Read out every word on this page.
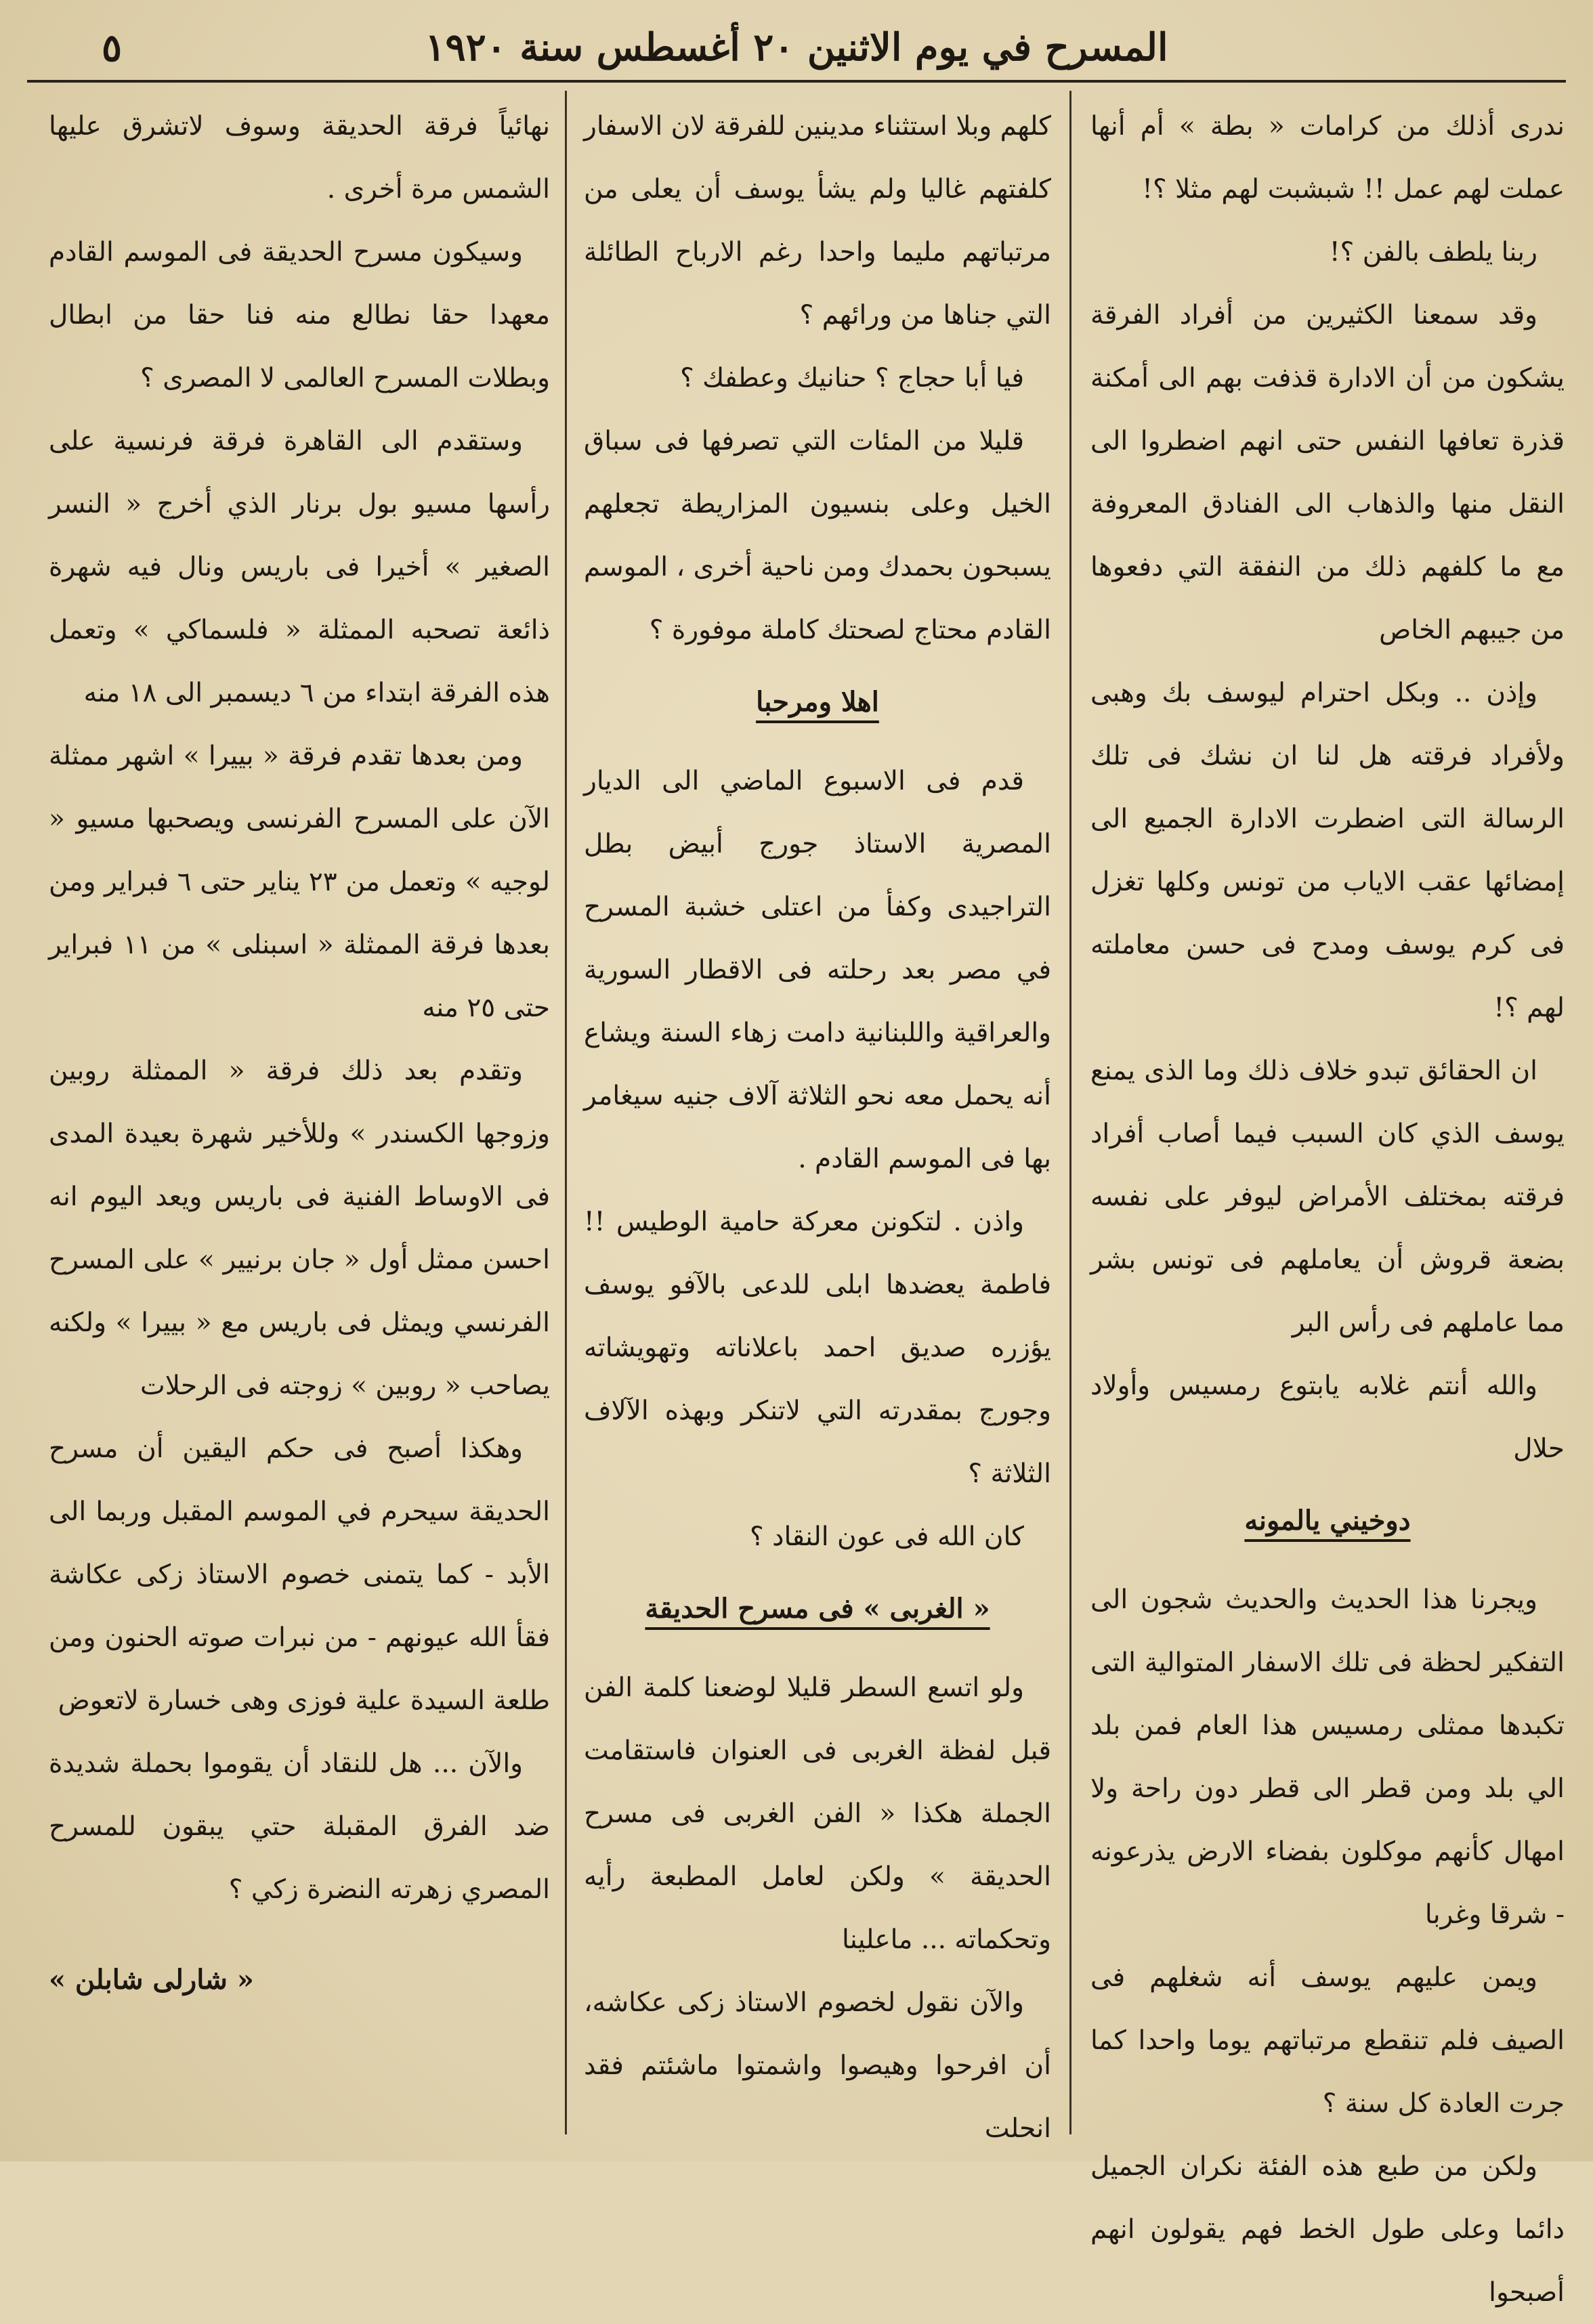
المسرح في يوم الاثنين ٢٠ أغسطس سنة ١٩٢٠
٥

ندرى أذلك من كرامات « بطة » أم أنها عملت لهم عمل !! شبشبت لهم مثلا ؟!

ربنا يلطف بالفن ؟!

وقد سمعنا الكثيرين من أفراد الفرقة يشكون من أن الادارة قذفت بهم الى أمكنة قذرة تعافها النفس حتى انهم اضطروا الى النقل منها والذهاب الى الفنادق المعروفة مع ما كلفهم ذلك من النفقة التي دفعوها من جيبهم الخاص

وإذن .. وبكل احترام ليوسف بك وهبى ولأفراد فرقته هل لنا ان نشك فى تلك الرسالة التى اضطرت الادارة الجميع الى إمضائها عقب الاياب من تونس وكلها تغزل فى كرم يوسف ومدح فى حسن معاملته لهم ؟!

ان الحقائق تبدو خلاف ذلك وما الذى يمنع يوسف الذي كان السبب فيما أصاب أفراد فرقته بمختلف الأمراض ليوفر على نفسه بضعة قروش أن يعاملهم فى تونس بشر مما عاملهم فى رأس البر

والله أنتم غلابه يابتوع رمسيس وأولاد حلال

دوخيني يالمونه

ويجرنا هذا الحديث والحديث شجون الى التفكير لحظة فى تلك الاسفار المتوالية التى تكبدها ممثلى رمسيس هذا العام فمن بلد الي بلد ومن قطر الى قطر دون راحة ولا امهال كأنهم موكلون بفضاء الارض يذرعونه - شرقا وغربا

ويمن عليهم يوسف أنه شغلهم فى الصيف فلم تنقطع مرتباتهم يوما واحدا كما جرت العادة كل سنة ؟

ولكن من طبع هذه الفئة نكران الجميل دائما وعلى طول الخط فهم يقولون انهم أصبحوا

كلهم وبلا استثناء مدينين للفرقة لان الاسفار كلفتهم غاليا ولم يشأ يوسف أن يعلى من مرتباتهم مليما واحدا رغم الارباح الطائلة التي جناها من ورائهم ؟

فيا أبا حجاج ؟ حنانيك وعطفك ؟

قليلا من المئات التي تصرفها فى سباق الخيل وعلى بنسيون المزاريطة تجعلهم يسبحون بحمدك ومن ناحية أخرى ، الموسم القادم محتاج لصحتك كاملة موفورة ؟

اهلا ومرحبا

قدم فى الاسبوع الماضي الى الديار المصرية الاستاذ جورج أبيض بطل التراجيدى وكفأ من اعتلى خشبة المسرح في مصر بعد رحلته فى الاقطار السورية والعراقية واللبنانية دامت زهاء السنة ويشاع أنه يحمل معه نحو الثلاثة آلاف جنيه سيغامر بها فى الموسم القادم .

واذن . لتكونن معركة حامية الوطيس !! فاطمة يعضدها ابلى للدعى بالآفو يوسف يؤزره صديق احمد باعلاناته وتهويشاته وجورج بمقدرته التي لاتنكر وبهذه الآلاف الثلاثة ؟

كان الله فى عون النقاد ؟

« الغربى » فى مسرح الحديقة

ولو اتسع السطر قليلا لوضعنا كلمة الفن قبل لفظة الغربى فى العنوان فاستقامت الجملة هكذا « الفن الغربى فى مسرح الحديقة » ولكن لعامل المطبعة رأيه وتحكماته ... ماعلينا

والآن نقول لخصوم الاستاذ زكى عكاشه، أن افرحوا وهيصوا واشمتوا ماشئتم فقد انحلت

نهائياً فرقة الحديقة وسوف لاتشرق عليها الشمس مرة أخرى .

وسيكون مسرح الحديقة فى الموسم القادم معهدا حقا نطالع منه فنا حقا من ابطال وبطلات المسرح العالمى لا المصرى ؟

وستقدم الى القاهرة فرقة فرنسية على رأسها مسيو بول برنار الذي أخرج « النسر الصغير » أخيرا فى باريس ونال فيه شهرة ذائعة تصحبه الممثلة « فلسماكي » وتعمل هذه الفرقة ابتداء من ٦ ديسمبر الى ١٨ منه

ومن بعدها تقدم فرقة « بييرا » اشهر ممثلة الآن على المسرح الفرنسى ويصحبها مسيو « لوجيه » وتعمل من ٢٣ يناير حتى ٦ فبراير ومن بعدها فرقة الممثلة « اسبنلى » من ١١ فبراير حتى ٢٥ منه

وتقدم بعد ذلك فرقة « الممثلة روبين وزوجها الكسندر » وللأخير شهرة بعيدة المدى فى الاوساط الفنية فى باريس ويعد اليوم انه احسن ممثل أول « جان برنيير » على المسرح الفرنسي ويمثل فى باريس مع « بييرا » ولكنه يصاحب « روبين » زوجته فى الرحلات

وهكذا أصبح فى حكم اليقين أن مسرح الحديقة سيحرم في الموسم المقبل وربما الى الأبد - كما يتمنى خصوم الاستاذ زكى عكاشة فقأ الله عيونهم - من نبرات صوته الحنون ومن طلعة السيدة علية فوزى وهى خسارة لاتعوض

والآن ... هل للنقاد أن يقوموا بحملة شديدة ضد الفرق المقبلة حتي يبقون للمسرح المصري زهرته النضرة زكي ؟

« شارلى شابلن »
